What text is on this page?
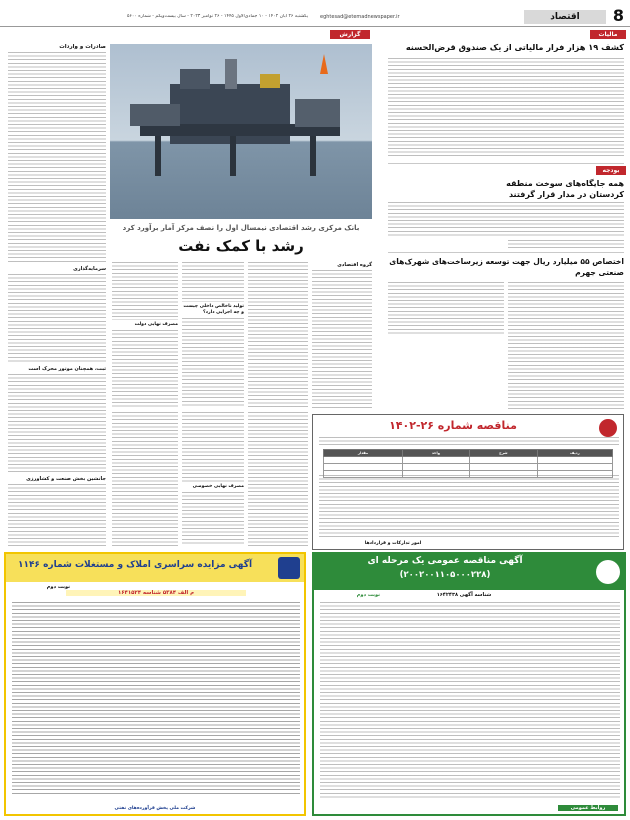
8
اقتصاد
eghtesad@etemadnewspaper.ir
یکشنبه ۲۶ آبان ۱۴۰۲ - ۱۰ جمادی‌الاول ۱۴۴۵ - ۲۶ نوامبر ۲۰۲۳ - سال بیست‌ویکم - شماره ۵۶۰۰
مالیات
کشف ۱۹ هزار فرار مالیاتی از یک صندوق قرض‌الحسنه
بودجه
همه جایگاه‌های سوخت منطقه کردستان در مدار قرار گرفتند
اختصاص ۵۵ میلیارد ریال جهت توسعه زیرساخت‌های شهرک‌های صنعتی جهرم
صادرات و واردات
سرمایه‌گذاری
ثبت، همچنان موتور محرک است
جانشین بخش صنعت و کشاورزی
گزارش
بانک مرکزی رشد اقتصادی نیمسال اول را نصف مرکز آمار برآورد کرد
رشد با کمک نفت
گروه اقتصادی
تولید ناخالص داخلی چیست و چه اجزایی دارد؟
مصرف نهایی دولت
مصرف نهایی خصوصی
مناقصه شماره ۲۶-۱۴۰۲
ردیف	شرح	واحد	مقدار

امور تدارکات و قراردادها
آگهی مزایده سراسری املاک و مستغلات شماره ۱۱۴۶
نوبت دوم
م الف ۵۳۸۴ شناسه ۱۶۴۱۵۲۴
شرکت ملی پخش فرآورده‌های نفتی
آگهی مناقصه عمومی یک مرحله ای
(۲۰۰۲۰۰۱۱۰۵۰۰۰۲۲۸)
نوبت دوم	شناسه آگهی ۱۶۴۲۴۳۸
روابط عمومی
